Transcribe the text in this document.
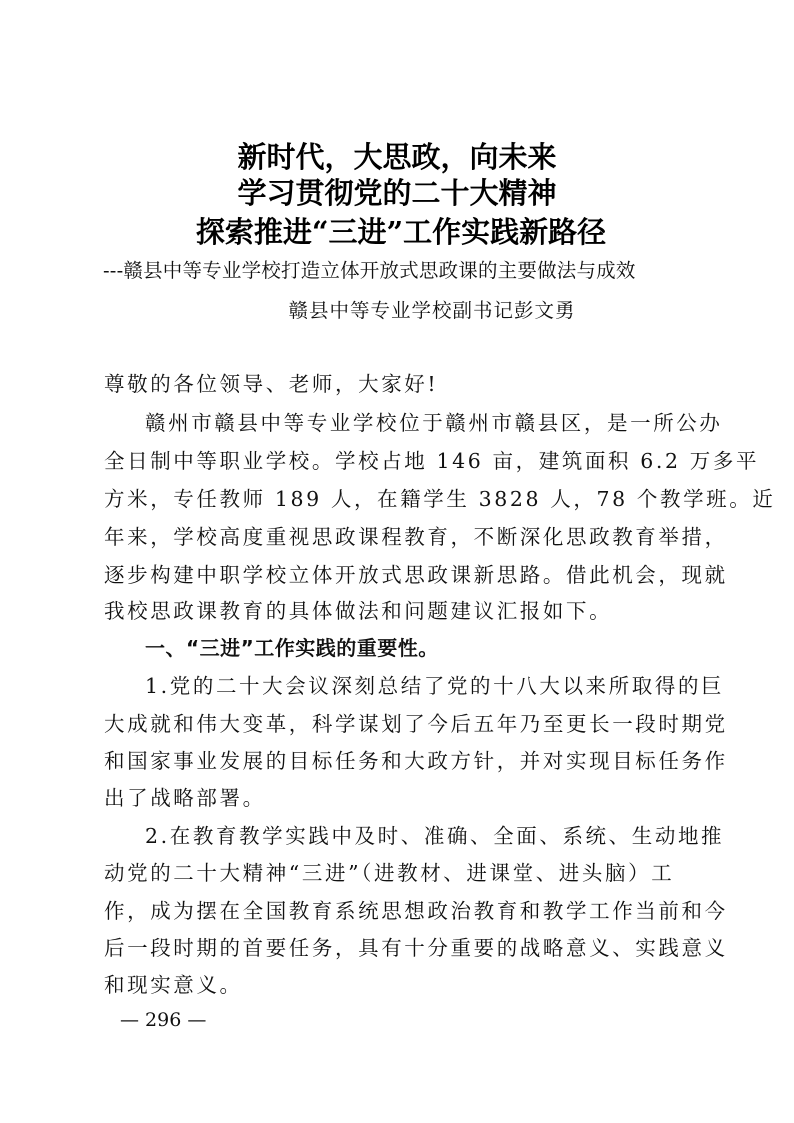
新时代，大思政，向未来
学习贯彻党的二十大精神
探索推进“三进”工作实践新路径
---赣县中等专业学校打造立体开放式思政课的主要做法与成效
赣县中等专业学校副书记彭文勇
尊敬的各位领导、老师，大家好!
赣州市赣县中等专业学校位于赣州市赣县区，是一所公办
全日制中等职业学校。学校占地 146 亩，建筑面积 6.2 万多平
方米，专任教师 189 人，在籍学生 3828 人，78 个教学班。近
年来，学校高度重视思政课程教育，不断深化思政教育举措，
逐步构建中职学校立体开放式思政课新思路。借此机会，现就
我校思政课教育的具体做法和问题建议汇报如下。
一、“三进”工作实践的重要性。
1.党的二十大会议深刻总结了党的十八大以来所取得的巨
大成就和伟大变革，科学谋划了今后五年乃至更长一段时期党
和国家事业发展的目标任务和大政方针，并对实现目标任务作
出了战略部署。
2.在教育教学实践中及时、准确、全面、系统、生动地推
动党的二十大精神“三进”（进教材、进课堂、进头脑）工
作，成为摆在全国教育系统思想政治教育和教学工作当前和今
后一段时期的首要任务，具有十分重要的战略意义、实践意义
和现实意义。
— 296 —
